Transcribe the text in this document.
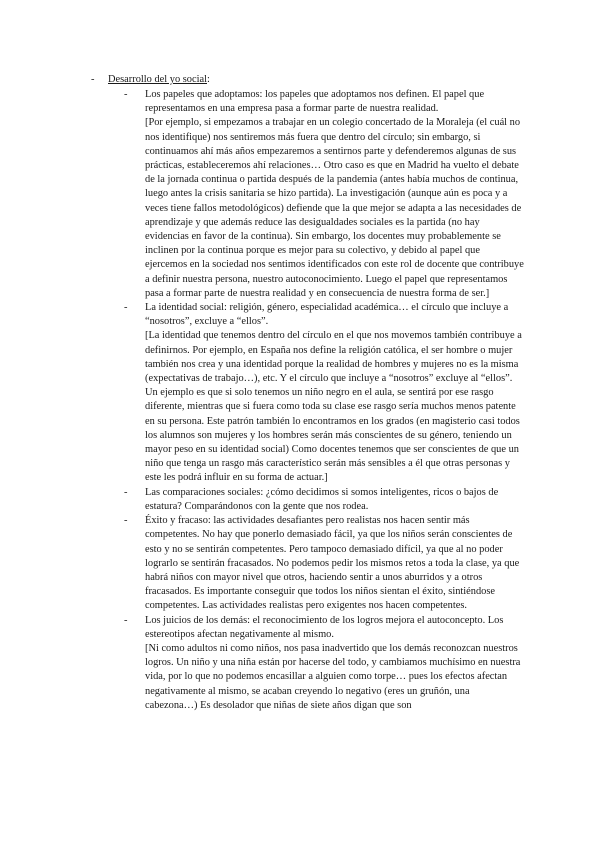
- Desarrollo del yo social:
- Los papeles que adoptamos: los papeles que adoptamos nos definen. El papel que representamos en una empresa pasa a formar parte de nuestra realidad.

[Por ejemplo, si empezamos a trabajar en un colegio concertado de la Moraleja (el cuál no nos identifique) nos sentiremos más fuera que dentro del círculo; sin embargo, si continuamos ahí más años empezaremos a sentirnos parte y defenderemos algunas de sus prácticas, estableceremos ahí relaciones… Otro caso es que en Madrid ha vuelto el debate de la jornada continua o partida después de la pandemia (antes había muchos de continua, luego antes la crisis sanitaria se hizo partida). La investigación (aunque aún es poca y a veces tiene fallos metodológicos) defiende que la que mejor se adapta a las necesidades de aprendizaje y que además reduce las desigualdades sociales es la partida (no hay evidencias en favor de la continua). Sin embargo, los docentes muy probablemente se inclinen por la continua porque es mejor para su colectivo, y debido al papel que ejercemos en la sociedad nos sentimos identificados con este rol de docente que contribuye a definir nuestra persona, nuestro autoconocimiento. Luego el papel que representamos pasa a formar parte de nuestra realidad y en consecuencia de nuestra forma de ser.]

- La identidad social: religión, género, especialidad académica… el círculo que incluye a “nosotros”, excluye a “ellos”.

[La identidad que tenemos dentro del círculo en el que nos movemos también contribuye a definirnos. Por ejemplo, en España nos define la religión católica, el ser hombre o mujer también nos crea y una identidad porque la realidad de hombres y mujeres no es la misma (expectativas de trabajo…), etc. Y el círculo que incluye a “nosotros” excluye al “ellos”. Un ejemplo es que si solo tenemos un niño negro en el aula, se sentirá por ese rasgo diferente, mientras que si fuera como toda su clase ese rasgo sería muchos menos patente en su persona. Este patrón también lo encontramos en los grados (en magisterio casi todos los alumnos son mujeres y los hombres serán más conscientes de su género, teniendo un mayor peso en su identidad social) Como docentes tenemos que ser conscientes de que un niño que tenga un rasgo más característico serán más sensibles a él que otras personas y este les podrá influir en su forma de actuar.]

- Las comparaciones sociales: ¿cómo decidimos si somos inteligentes, ricos o bajos de estatura? Comparándonos con la gente que nos rodea.

- Éxito y fracaso: las actividades desafiantes pero realistas nos hacen sentir más competentes. No hay que ponerlo demasiado fácil, ya que los niños serán conscientes de esto y no se sentirán competentes. Pero tampoco demasiado difícil, ya que al no poder lograrlo se sentirán fracasados. No podemos pedir los mismos retos a toda la clase, ya que habrá niños con mayor nivel que otros, haciendo sentir a unos aburridos y a otros fracasados. Es importante conseguir que todos los niños sientan el éxito, sintiéndose competentes. Las actividades realistas pero exigentes nos hacen competentes.

- Los juicios de los demás: el reconocimiento de los logros mejora el autoconcepto. Los estereotipos afectan negativamente al mismo.

[Ni como adultos ni como niños, nos pasa inadvertido que los demás reconozcan nuestros logros. Un niño y una niña están por hacerse del todo, y cambiamos muchísimo en nuestra vida, por lo que no podemos encasillar a alguien como torpe… pues los efectos afectan negativamente al mismo, se acaban creyendo lo negativo (eres un gruñón, una cabezona…) Es desolador que niñas de siete años digan que son
